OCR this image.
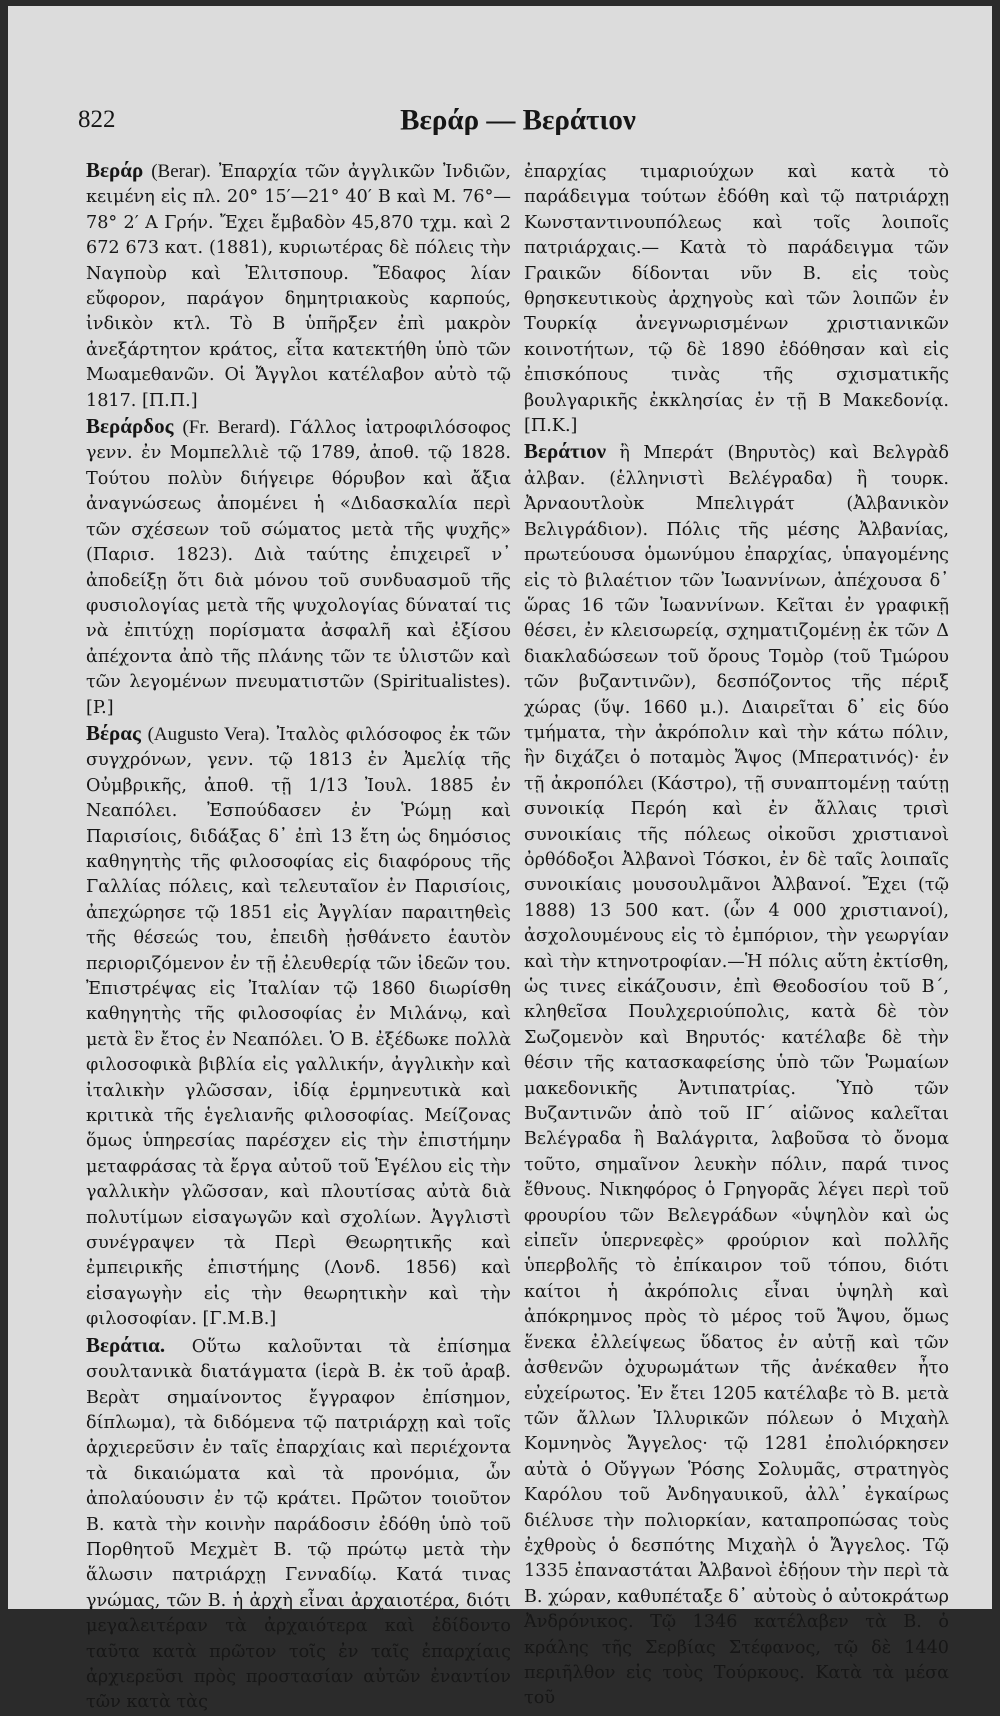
822	Βεράρ — Βεράτιον

Βεράρ (Berar). Ἐπαρχία τῶν ἀγγλικῶν Ἰνδιῶν, κειμένη εἰς πλ. 20° 15′—21° 40′ Β καὶ Μ. 76°—78° 2′ Α Γρήν. Ἔχει ἔμβαδὸν 45,870 τχμ. καὶ 2 672 673 κατ. (1881), κυριωτέρας δὲ πόλεις τὴν Ναγποὺρ καὶ Ἐλιτσπουρ. Ἔδαφος λίαν εὔφορον, παράγον δημητριακοὺς καρπούς, ἰνδικὸν κτλ. Τὸ Β ὑπῆρξεν ἐπὶ μακρὸν ἀνεξάρτητον κράτος, εἶτα κατεκτήθη ὑπὸ τῶν Μωαμεθανῶν. Οἱ Ἄγγλοι κατέλαβον αὐτὸ τῷ 1817. [Π.Π.]

Βεράρδος (Fr. Berard). Γάλλος ἰατροφιλόσοφος γενν. ἐν Μομπελλιὲ τῷ 1789, ἀποθ. τῷ 1828. Τούτου πολὺν διήγειρε θόρυβον καὶ ἄξια ἀναγνώσεως ἀπομένει ἡ «Διδασκαλία περὶ τῶν σχέσεων τοῦ σώματος μετὰ τῆς ψυχῆς» (Παρισ. 1823). Διὰ ταύτης ἐπιχειρεῖ ν᾽ ἀποδείξῃ ὅτι διὰ μόνου τοῦ συνδυασμοῦ τῆς φυσιολογίας μετὰ τῆς ψυχολογίας δύναταί τις νὰ ἐπιτύχῃ πορίσματα ἀσφαλῆ καὶ ἐξίσου ἀπέχοντα ἀπὸ τῆς πλάνης τῶν τε ὑλιστῶν καὶ τῶν λεγομένων πνευματιστῶν (Spiritualistes). [P.]

Βέρας (Augusto Vera). Ἰταλὸς φιλόσοφος ἐκ τῶν συγχρόνων, γενν. τῷ 1813 ἐν Ἀμελίᾳ τῆς Οὐμβρικῆς, ἀποθ. τῇ 1/13 Ἰουλ. 1885 ἐν Νεαπόλει. Ἐσπούδασεν ἐν Ῥώμῃ καὶ Παρισίοις, διδάξας δ᾽ ἐπὶ 13 ἔτη ὡς δημόσιος καθηγητὴς τῆς φιλοσοφίας εἰς διαφόρους τῆς Γαλλίας πόλεις, καὶ τελευταῖον ἐν Παρισίοις, ἀπεχώρησε τῷ 1851 εἰς Ἀγγλίαν παραιτηθεὶς τῆς θέσεώς του, ἐπειδὴ ᾐσθάνετο ἑαυτὸν περιοριζόμενον ἐν τῇ ἐλευθερίᾳ τῶν ἰδεῶν του. Ἐπιστρέψας εἰς Ἰταλίαν τῷ 1860 διωρίσθη καθηγητὴς τῆς φιλοσοφίας ἐν Μιλάνῳ, καὶ μετὰ ἓν ἔτος ἐν Νεαπόλει. Ὁ Β. ἐξέδωκε πολλὰ φιλοσοφικὰ βιβλία εἰς γαλλικήν, ἀγγλικὴν καὶ ἰταλικὴν γλῶσσαν, ἰδίᾳ ἑρμηνευτικὰ καὶ κριτικὰ τῆς ἑγελιανῆς φιλοσοφίας. Μείζονας ὅμως ὑπηρεσίας παρέσχεν εἰς τὴν ἐπιστήμην μεταφράσας τὰ ἔργα αὐτοῦ τοῦ Ἑγέλου εἰς τὴν γαλλικὴν γλῶσσαν, καὶ πλουτίσας αὐτὰ διὰ πολυτίμων εἰσαγωγῶν καὶ σχολίων. Ἀγγλιστὶ συνέγραψεν τὰ Περὶ Θεωρητικῆς καὶ ἐμπειρικῆς ἐπιστήμης (Λονδ. 1856) καὶ εἰσαγωγὴν εἰς τὴν θεωρητικὴν καὶ τὴν φιλοσοφίαν. [Γ.Μ.Β.]

Βεράτια. Οὕτω καλοῦνται τὰ ἐπίσημα σουλτανικὰ διατάγματα (ἱερὰ Β. ἐκ τοῦ ἀραβ. Βερὰτ σημαίνοντος ἔγγραφον ἐπίσημον, δίπλωμα), τὰ διδόμενα τῷ πατριάρχῃ καὶ τοῖς ἀρχιερεῦσιν ἐν ταῖς ἐπαρχίαις καὶ περιέχοντα τὰ δικαιώματα καὶ τὰ προνόμια, ὧν ἀπολαύουσιν ἐν τῷ κράτει. Πρῶτον τοιοῦτον Β. κατὰ τὴν κοινὴν παράδοσιν ἐδόθη ὑπὸ τοῦ Πορθητοῦ Μεχμὲτ Β. τῷ πρώτῳ μετὰ τὴν ἅλωσιν πατριάρχῃ Γενναδίῳ. Κατά τινας γνώμας, τῶν Β. ἡ ἀρχὴ εἶναι ἀρχαιοτέρα, διότι μεγαλειτέραν τὰ ἀρχαιότερα καὶ ἐδίδοντο ταῦτα κατὰ πρῶτον τοῖς ἐν ταῖς ἐπαρχίαις ἀρχιερεῦσι πρὸς προστασίαν αὐτῶν ἐναντίον τῶν κατὰ τὰς

ἐπαρχίας τιμαριούχων καὶ κατὰ τὸ παράδειγμα τούτων ἐδόθη καὶ τῷ πατριάρχῃ Κωνσταντινουπόλεως καὶ τοῖς λοιποῖς πατριάρχαις.— Κατὰ τὸ παράδειγμα τῶν Γραικῶν δίδονται νῦν Β. εἰς τοὺς θρησκευτικοὺς ἀρχηγοὺς καὶ τῶν λοιπῶν ἐν Τουρκίᾳ ἀνεγνωρισμένων χριστιανικῶν κοινοτήτων, τῷ δὲ 1890 ἐδόθησαν καὶ εἰς ἐπισκόπους τινὰς τῆς σχισματικῆς βουλγαρικῆς ἐκκλησίας ἐν τῇ Β Μακεδονίᾳ. [Π.Κ.]

Βεράτιον ἢ Μπεράτ (Βηρυτὸς) καὶ Βελγρὰδ ἀλβαν. (ἑλληνιστὶ Βελέγραδα) ἢ τουρκ. Ἀρναουτλοὺκ Μπελιγράτ (Ἀλβανικὸν Βελιγράδιον). Πόλις τῆς μέσης Ἀλβανίας, πρωτεύουσα ὁμωνύμου ἐπαρχίας, ὑπαγομένης εἰς τὸ βιλαέτιον τῶν Ἰωαννίνων, ἀπέχουσα δ᾽ ὥρας 16 τῶν Ἰωαννίνων. Κεῖται ἐν γραφικῇ θέσει, ἐν κλεισωρείᾳ, σχηματιζομένῃ ἐκ τῶν Δ διακλαδώσεων τοῦ ὄρους Τομὸρ (τοῦ Τμώρου τῶν βυζαντινῶν), δεσπόζοντος τῆς πέριξ χώρας (ὕψ. 1660 μ.). Διαιρεῖται δ᾽ εἰς δύο τμήματα, τὴν ἀκρόπολιν καὶ τὴν κάτω πόλιν, ἣν διχάζει ὁ ποταμὸς Ἄψος (Μπερατινός)· ἐν τῇ ἀκροπόλει (Κάστρο), τῇ συναπτομένῃ ταύτῃ συνοικίᾳ Περόη καὶ ἐν ἄλλαις τρισὶ συνοικίαις τῆς πόλεως οἰκοῦσι χριστιανοὶ ὀρθόδοξοι Ἀλβανοὶ Τόσκοι, ἐν δὲ ταῖς λοιπαῖς συνοικίαις μουσουλμᾶνοι Ἀλβανοί. Ἔχει (τῷ 1888) 13 500 κατ. (ὧν 4 000 χριστιανοί), ἀσχολουμένους εἰς τὸ ἐμπόριον, τὴν γεωργίαν καὶ τὴν κτηνοτροφίαν.—Ἡ πόλις αὕτη ἐκτίσθη, ὡς τινες εἰκάζουσιν, ἐπὶ Θεοδοσίου τοῦ Β´, κληθεῖσα Πουλχεριούπολις, κατὰ δὲ τὸν Σωζομενὸν καὶ Βηρυτός· κατέλαβε δὲ τὴν θέσιν τῆς κατασκαφείσης ὑπὸ τῶν Ῥωμαίων μακεδονικῆς Ἀντιπατρίας. Ὑπὸ τῶν Βυζαντινῶν ἀπὸ τοῦ ΙΓ´ αἰῶνος καλεῖται Βελέγραδα ἢ Βαλάγριτα, λαβοῦσα τὸ ὄνομα τοῦτο, σημαῖνον λευκὴν πόλιν, παρά τινος ἔθνους. Νικηφόρος ὁ Γρηγορᾶς λέγει περὶ τοῦ φρουρίου τῶν Βελεγράδων «ὑψηλὸν καὶ ὡς εἰπεῖν ὑπερνεφὲς» φρούριον καὶ πολλῆς ὑπερβολῆς τὸ ἐπίκαιρον τοῦ τόπου, διότι καίτοι ἡ ἀκρόπολις εἶναι ὑψηλὴ καὶ ἀπόκρημνος πρὸς τὸ μέρος τοῦ Ἄψου, ὅμως ἕνεκα ἐλλείψεως ὕδατος ἐν αὐτῇ καὶ τῶν ἀσθενῶν ὀχυρωμάτων τῆς ἀνέκαθεν ἦτο εὐχείρωτος. Ἐν ἔτει 1205 κατέλαβε τὸ Β. μετὰ τῶν ἄλλων Ἰλλυρικῶν πόλεων ὁ Μιχαὴλ Κομνηνὸς Ἄγγελος· τῷ 1281 ἐπολιόρκησεν αὐτὰ ὁ Οὔγγων Ῥόσης Σολυμᾶς, στρατηγὸς Καρόλου τοῦ Ἀνδηγαυικοῦ, ἀλλ᾽ ἐγκαίρως διέλυσε τὴν πολιορκίαν, καταπροπώσας τοὺς ἐχθροὺς ὁ δεσπότης Μιχαὴλ ὁ Ἄγγελος. Τῷ 1335 ἐπαναστάται Ἀλβανοὶ ἐδῄουν τὴν περὶ τὰ Β. χώραν, καθυπέταξε δ᾽ αὐτοὺς ὁ αὐτοκράτωρ Ἀνδρόνικος. Τῷ 1346 κατέλαβεν τὰ Β. ὁ κράλης τῆς Σερβίας Στέφανος, τῷ δὲ 1440 περιῆλθον εἰς τοὺς Τούρκους. Κατὰ τὰ μέσα τοῦ
